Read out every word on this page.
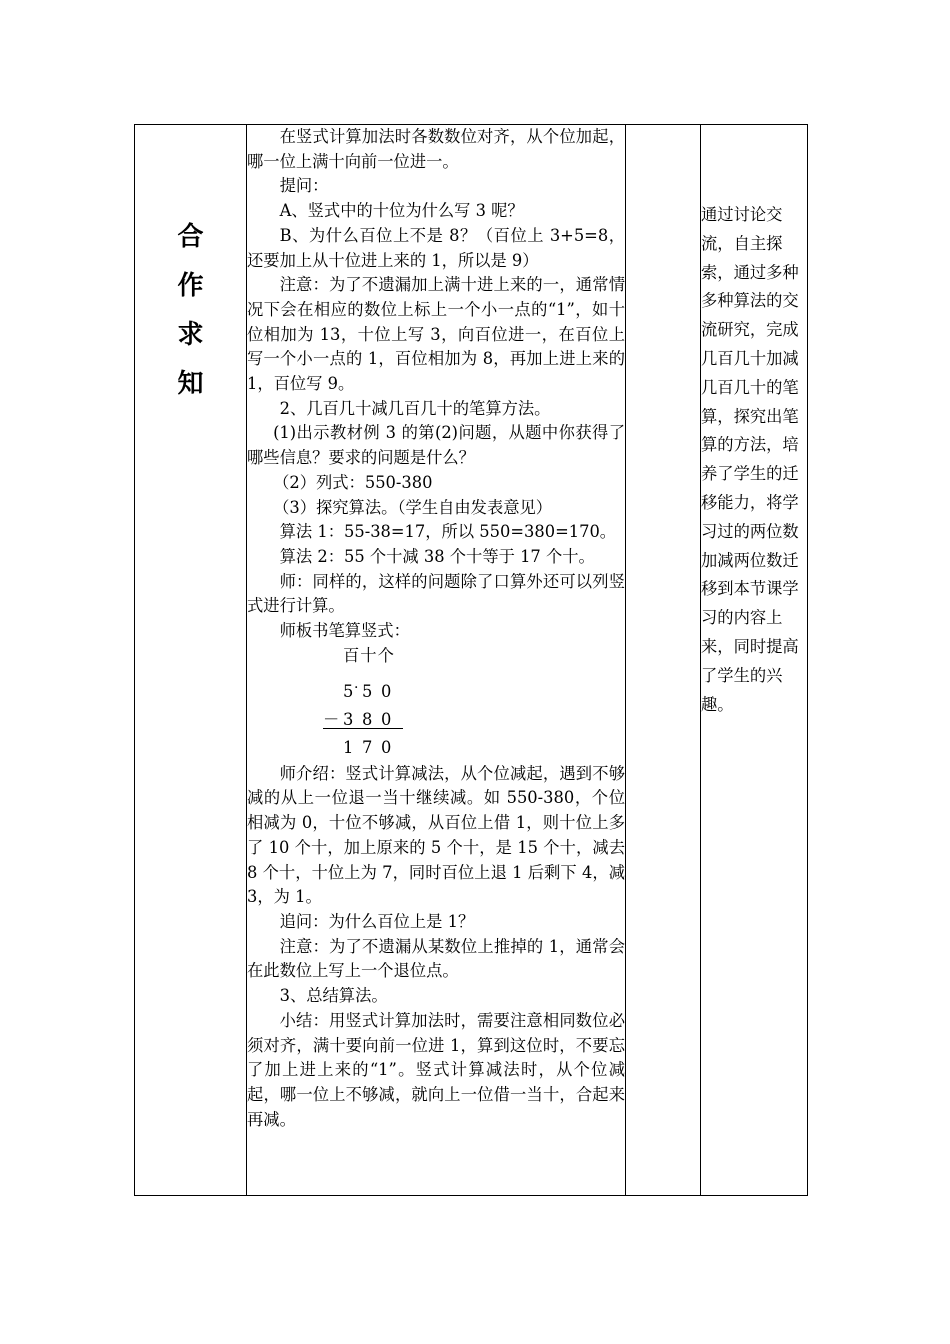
合
作
求
知

在竖式计算加法时各数数位对齐，从个位加起，哪一位上满十向前一位进一。

提问：

A、竖式中的十位为什么写 3 呢？

B、为什么百位上不是 8？（百位上 3+5=8，还要加上从十位进上来的 1，所以是 9）

注意：为了不遗漏加上满十进上来的一，通常情况下会在相应的数位上标上一个小一点的“1”，如十位相加为 13，十位上写 3，向百位进一，在百位上写一个小一点的 1，百位相加为 8，再加上进上来的 1，百位写 9。

2、几百几十减几百几十的笔算方法。

(1)出示教材例 3 的第(2)问题，从题中你获得了哪些信息？要求的问题是什么？

（2）列式：550-380

（3）探究算法。（学生自由发表意见）

算法 1：55-38=17，所以 550=380=170。

算法 2：55 个十减 38 个十等于 17 个十。

师：同样的，这样的问题除了口算外还可以列竖式进行计算。

师板书笔算竖式：

百十个
·
5 5 0
－ 3 8 0
1 7 0

师介绍：竖式计算减法，从个位减起，遇到不够减的从上一位退一当十继续减。如 550-380，个位相减为 0，十位不够减，从百位上借 1，则十位上多了 10 个十，加上原来的 5 个十，是 15 个十，减去 8 个十，十位上为 7，同时百位上退 1 后剩下 4，减 3，为 1。

追问：为什么百位上是 1？

注意：为了不遗漏从某数位上推掉的 1，通常会在此数位上写上一个退位点。

3、总结算法。

小结：用竖式计算加法时，需要注意相同数位必须对齐，满十要向前一位进 1，算到这位时，不要忘了加上进上来的“1”。竖式计算减法时，从个位减起，哪一位上不够减，就向上一位借一当十，合起来再减。

通过讨论交流，自主探索，通过多种多种算法的交流研究，完成几百几十加减几百几十的笔算，探究出笔算的方法，培养了学生的迁移能力，将学习过的两位数加减两位数迁移到本节课学习的内容上来，同时提高了学生的兴趣。
